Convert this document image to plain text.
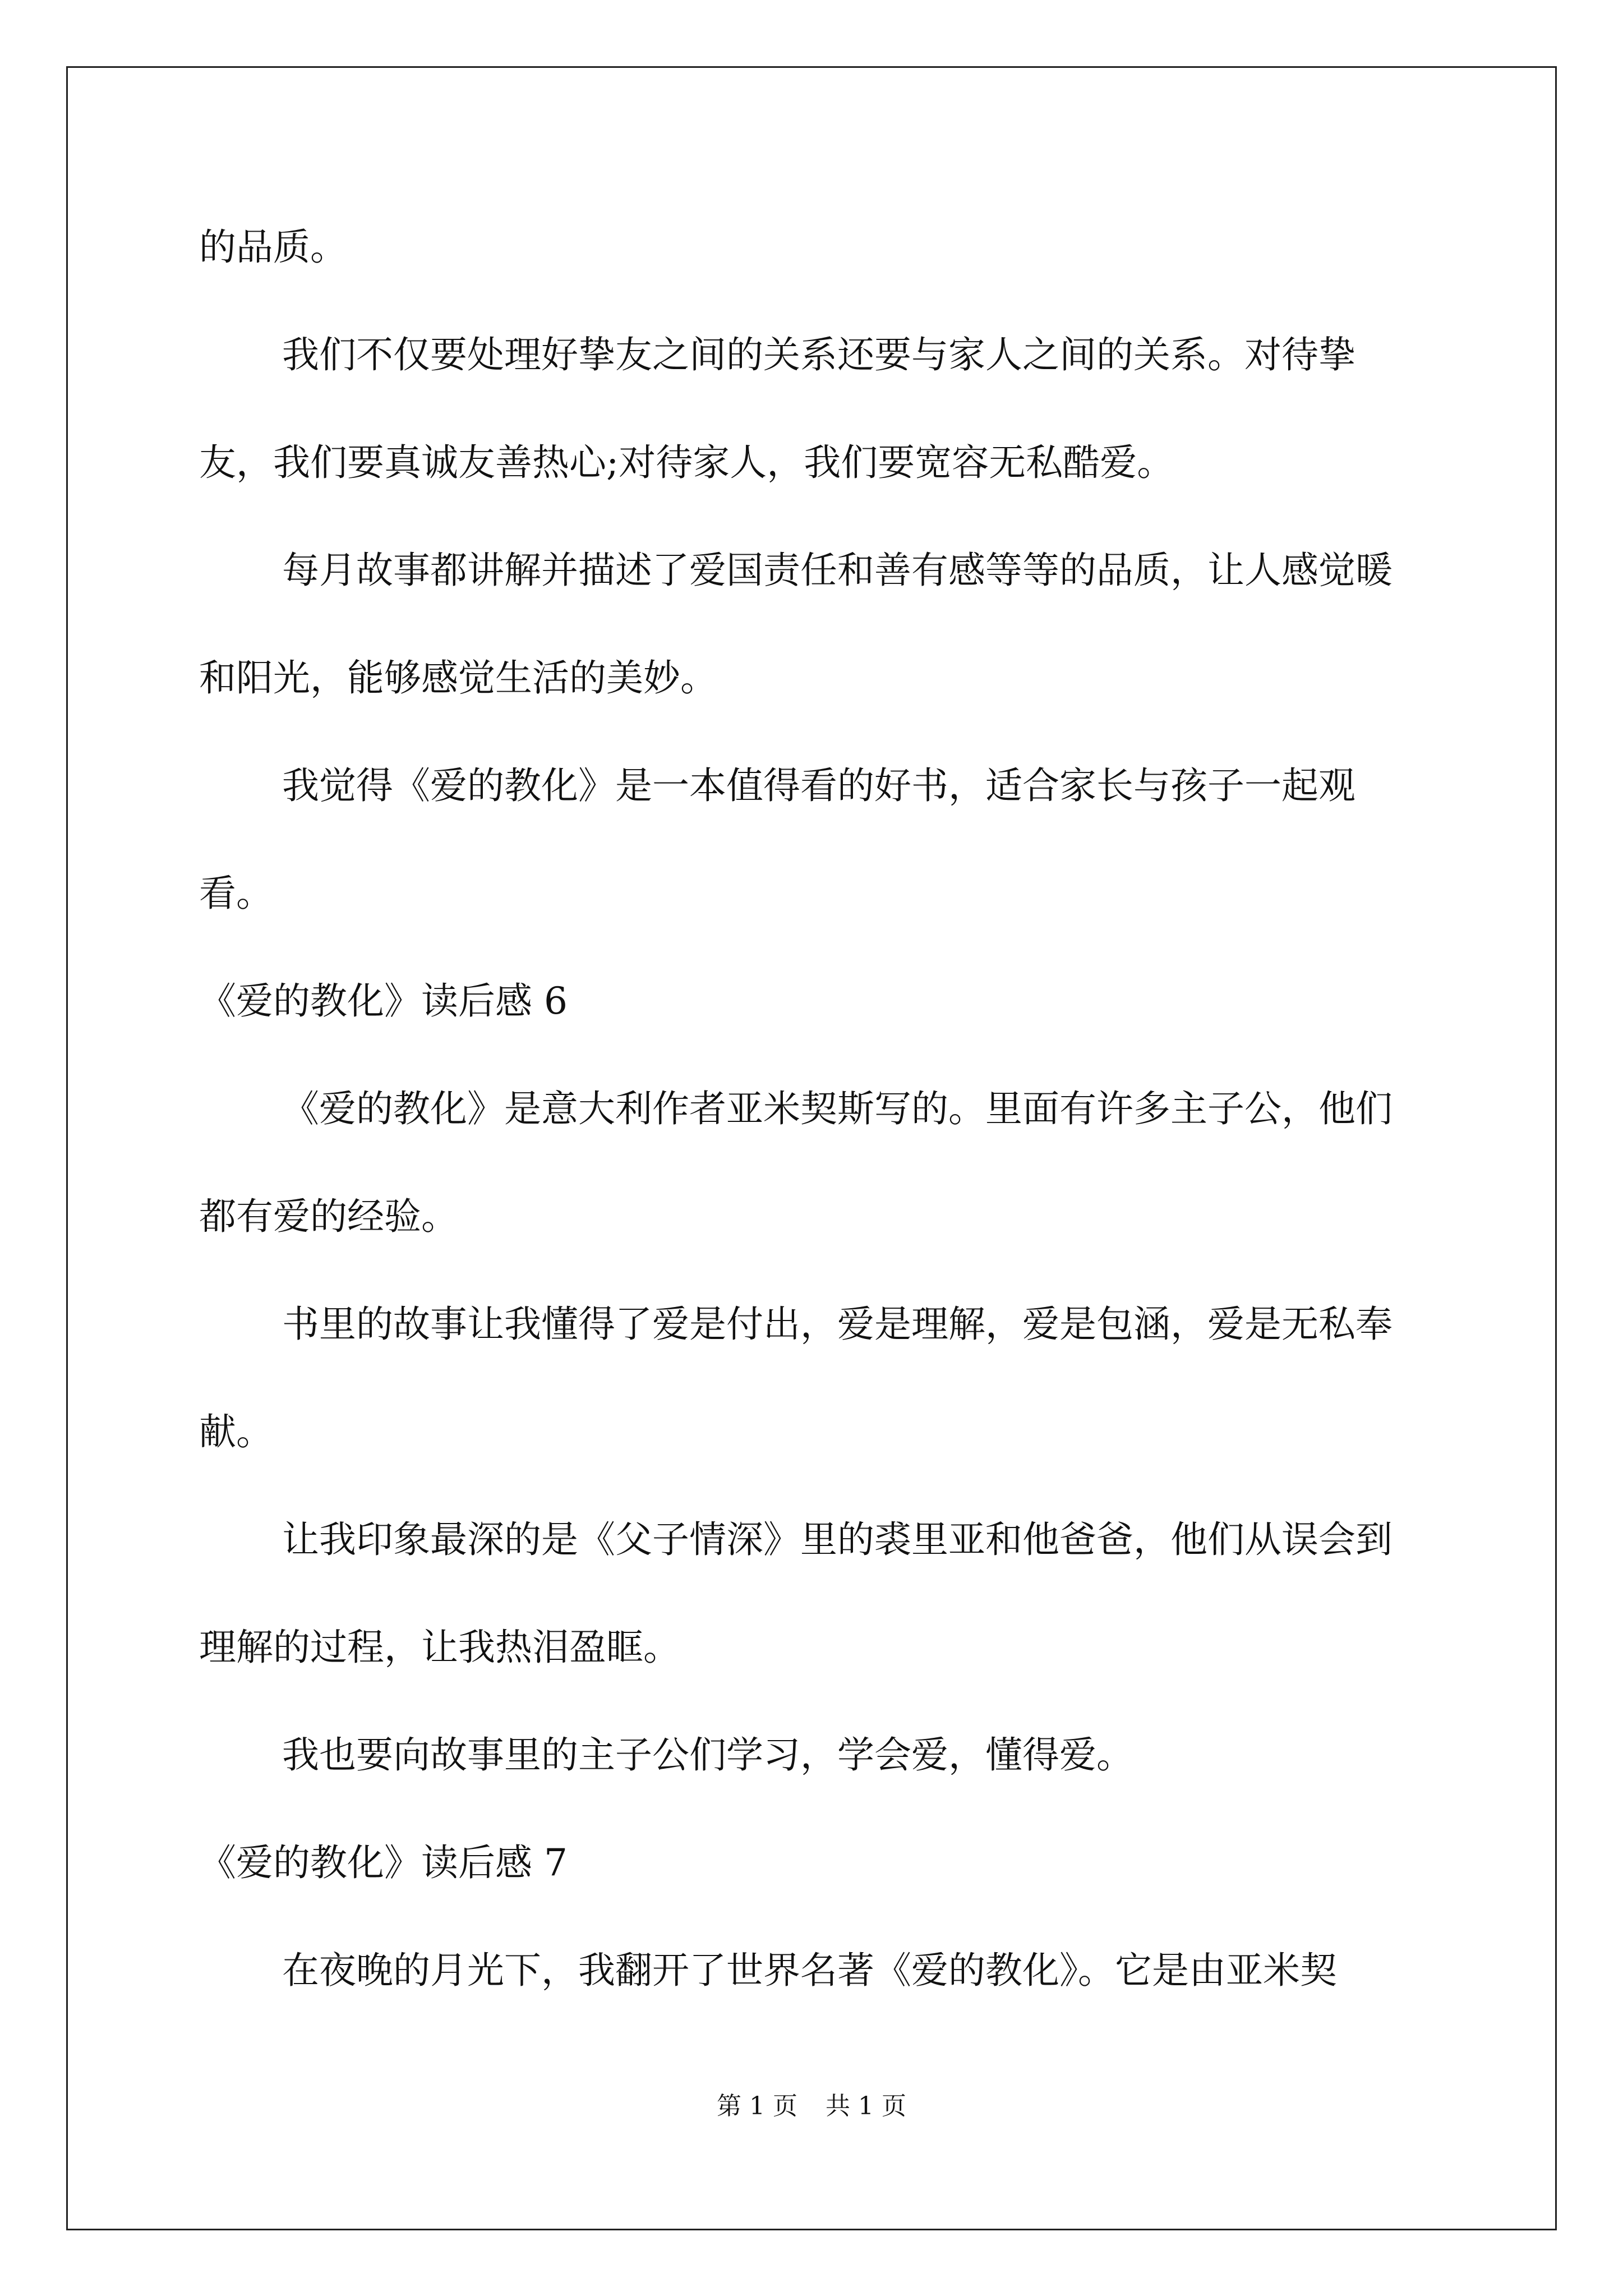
的品质。

我们不仅要处理好挚友之间的关系还要与家人之间的关系。对待挚友，我们要真诚友善热心;对待家人，我们要宽容无私酷爱。

每月故事都讲解并描述了爱国责任和善有感等等的品质，让人感觉暖和阳光，能够感觉生活的美妙。

我觉得《爱的教化》是一本值得看的好书，适合家长与孩子一起观看。

《爱的教化》读后感 6

《爱的教化》是意大利作者亚米契斯写的。里面有许多主子公，他们都有爱的经验。

书里的故事让我懂得了爱是付出，爱是理解，爱是包涵，爱是无私奉献。

让我印象最深的是《父子情深》里的裘里亚和他爸爸，他们从误会到理解的过程，让我热泪盈眶。

我也要向故事里的主子公们学习，学会爱，懂得爱。

《爱的教化》读后感 7

在夜晚的月光下，我翻开了世界名著《爱的教化》。它是由亚米契

第 1 页 共 1 页
